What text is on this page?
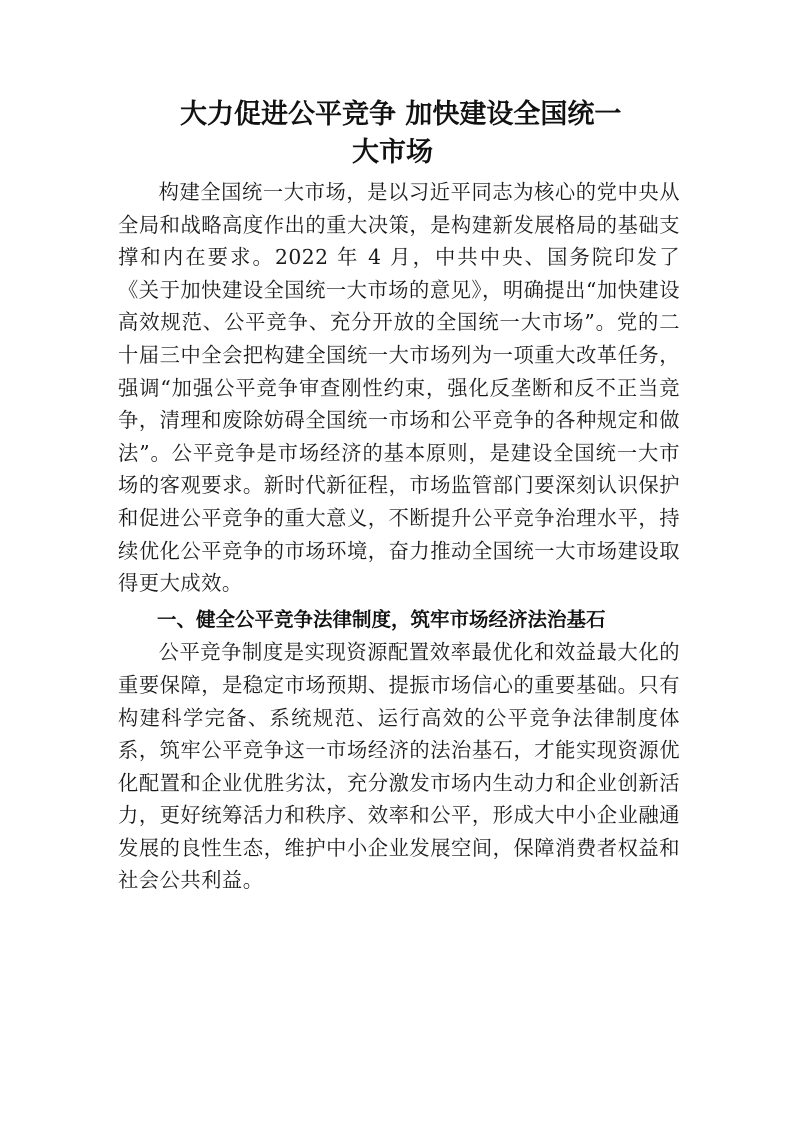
大力促进公平竞争 加快建设全国统一
大市场

构建全国统一大市场，是以习近平同志为核心的党中央从全局和战略高度作出的重大决策，是构建新发展格局的基础支撑和内在要求。2022 年 4 月，中共中央、国务院印发了《关于加快建设全国统一大市场的意见》，明确提出“加快建设高效规范、公平竞争、充分开放的全国统一大市场”。党的二十届三中全会把构建全国统一大市场列为一项重大改革任务，强调“加强公平竞争审查刚性约束，强化反垄断和反不正当竞争，清理和废除妨碍全国统一市场和公平竞争的各种规定和做法”。公平竞争是市场经济的基本原则，是建设全国统一大市场的客观要求。新时代新征程，市场监管部门要深刻认识保护和促进公平竞争的重大意义，不断提升公平竞争治理水平，持续优化公平竞争的市场环境，奋力推动全国统一大市场建设取得更大成效。

一、健全公平竞争法律制度，筑牢市场经济法治基石

公平竞争制度是实现资源配置效率最优化和效益最大化的重要保障，是稳定市场预期、提振市场信心的重要基础。只有构建科学完备、系统规范、运行高效的公平竞争法律制度体系，筑牢公平竞争这一市场经济的法治基石，才能实现资源优化配置和企业优胜劣汰，充分激发市场内生动力和企业创新活力，更好统筹活力和秩序、效率和公平，形成大中小企业融通发展的良性生态，维护中小企业发展空间，保障消费者权益和社会公共利益。
